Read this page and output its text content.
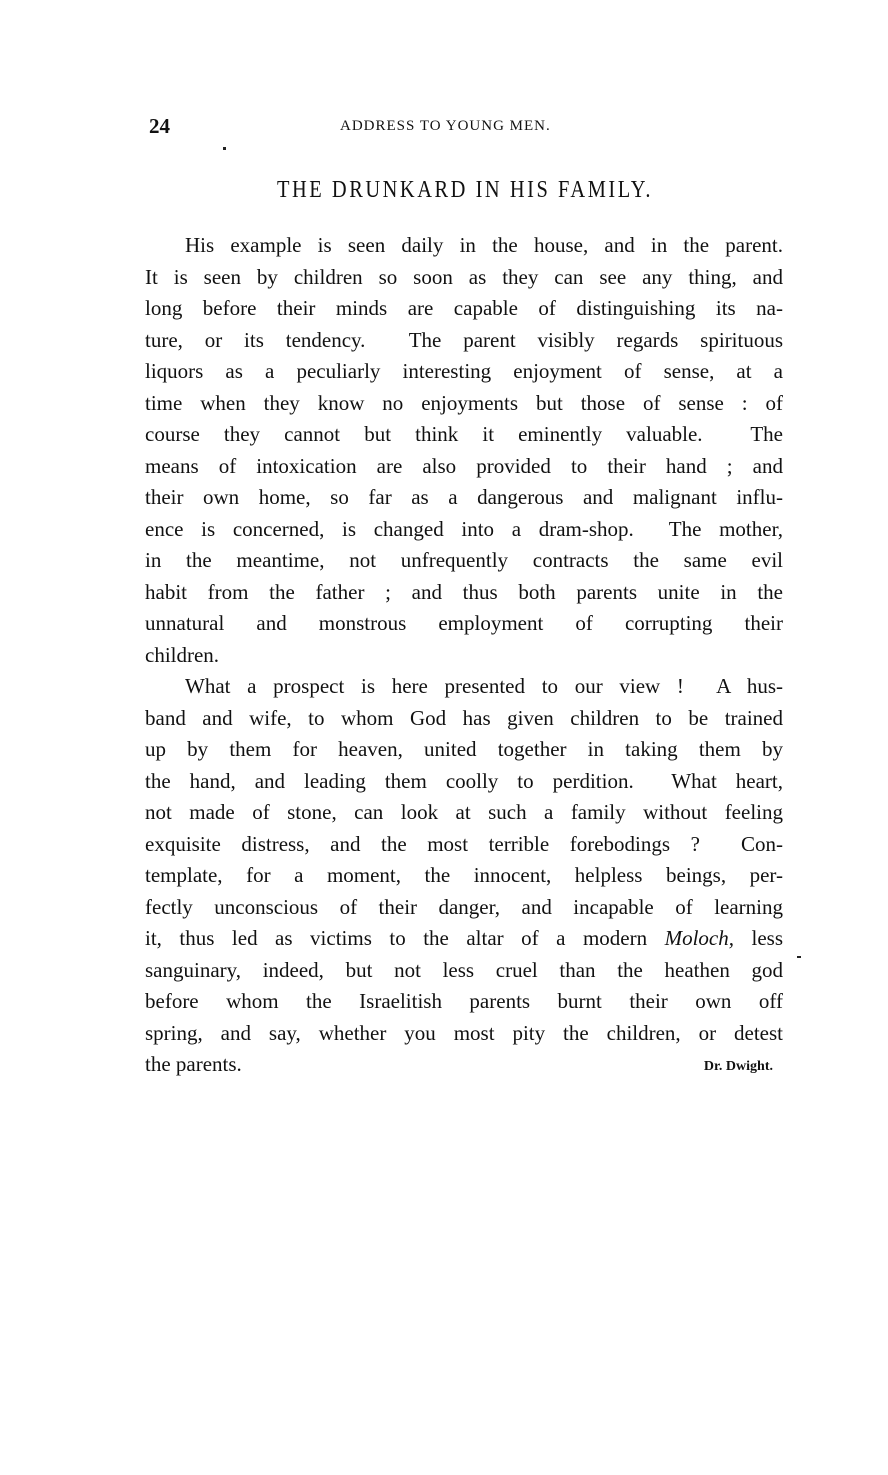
24	ADDRESS TO YOUNG MEN.
THE DRUNKARD IN HIS FAMILY.
His example is seen daily in the house, and in the parent.
It is seen by children so soon as they can see any thing, and
long before their minds are capable of distinguishing its na-
ture, or its tendency.  The parent visibly regards spirituous
liquors as a peculiarly interesting enjoyment of sense, at a
time when they know no enjoyments but those of sense : of
course they cannot but think it eminently valuable.  The
means of intoxication are also provided to their hand ; and
their own home, so far as a dangerous and malignant influ-
ence is concerned, is changed into a dram-shop.  The mother,
in the meantime, not unfrequently contracts the same evil
habit from the father ; and thus both parents unite in the
unnatural and monstrous employment of corrupting their
children.
What a prospect is here presented to our view !  A hus-
band and wife, to whom God has given children to be trained
up by them for heaven, united together in taking them by
the hand, and leading them coolly to perdition.  What heart,
not made of stone, can look at such a family without feeling
exquisite distress, and the most terrible forebodings ?  Con-
template, for a moment, the innocent, helpless beings, per-
fectly unconscious of their danger, and incapable of learning
it, thus led as victims to the altar of a modern Moloch, less
sanguinary, indeed, but not less cruel than the heathen god
before whom the Israelitish parents burnt their own off
spring, and say, whether you most pity the children, or detest
the parents.	Dr. Dwight.
